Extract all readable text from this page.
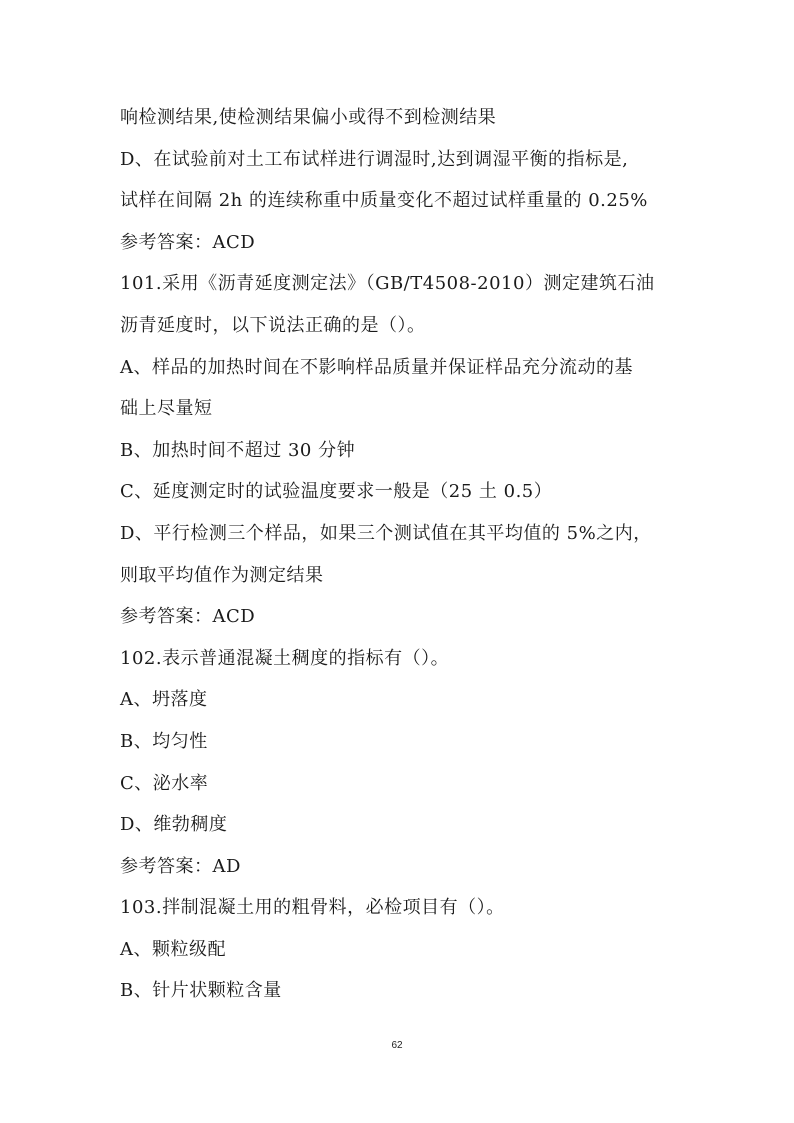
响检测结果,使检测结果偏小或得不到检测结果
D、在试验前对土工布试样进行调湿时,达到调湿平衡的指标是,
试样在间隔 2h 的连续称重中质量变化不超过试样重量的 0.25%
参考答案：ACD
101.采用《沥青延度测定法》（GB/T4508-2010）测定建筑石油
沥青延度时，以下说法正确的是（）。
A、样品的加热时间在不影响样品质量并保证样品充分流动的基
础上尽量短
B、加热时间不超过 30 分钟
C、延度测定时的试验温度要求一般是（25 土 0.5）
D、平行检测三个样品，如果三个测试值在其平均值的 5%之内，
则取平均值作为测定结果
参考答案：ACD
102.表示普通混凝土稠度的指标有（）。
A、坍落度
B、均匀性
C、泌水率
D、维勃稠度
参考答案：AD
103.拌制混凝土用的粗骨料，必检项目有（）。
A、颗粒级配
B、针片状颗粒含量
62
